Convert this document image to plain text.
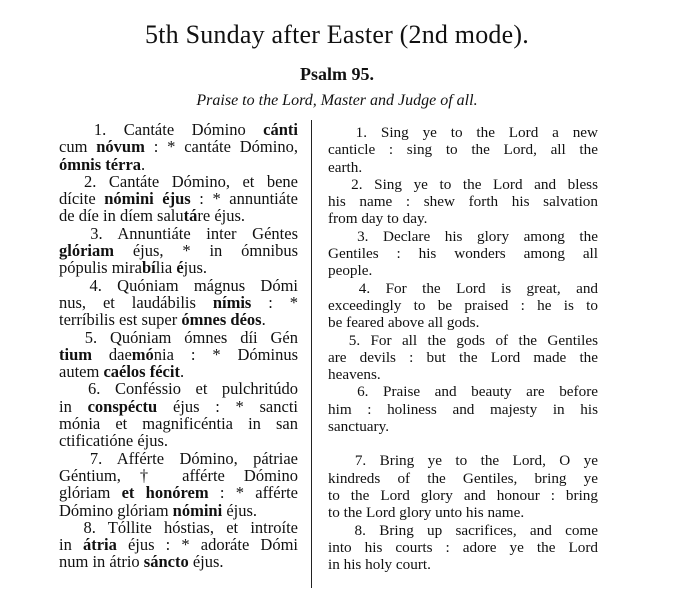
5th Sunday after Easter (2nd mode).
Psalm 95.
Praise to the Lord, Master and Judge of all.
1. Cantáte Dómino cánti
cum nóvum : * cantáte Dómino,
ómnis térra.
2. Cantáte Dómino, et bene
dícite nómini éjus : * annuntiáte
de díe in díem salutáre éjus.
3. Annuntiáte inter Géntes
glóriam éjus, * in ómnibus
pópulis mirabília éjus.
4. Quóniam mágnus Dómi
nus, et laudábilis nímis : *
terríbilis est super ómnes déos.
5. Quóniam ómnes díi Gén
tium daemónia : * Dóminus
autem caélos fécit.
6. Conféssio et pulchritúdo
in conspéctu éjus : * sancti
mónia et magnificéntia in san
ctificatióne éjus.
7. Afférte Dómino, pátriae
Géntium, † afférte Dómino
glóriam et honórem : * afférte
Dómino glóriam nómini éjus.
8. Tóllite hóstias, et introíte
in átria éjus : * adoráte Dómi
num in átrio sáncto éjus.
1. Sing ye to the Lord a new
canticle : sing to the Lord, all the
earth.
2. Sing ye to the Lord and bless
his name : shew forth his salvation
from day to day.
3. Declare his glory among the
Gentiles : his wonders among all
people.
4. For the Lord is great, and
exceedingly to be praised : he is to
be feared above all gods.
5. For all the gods of the Gentiles
are devils : but the Lord made the
heavens.
6. Praise and beauty are before
him : holiness and majesty in his
sanctuary.
7. Bring ye to the Lord, O ye
kindreds of the Gentiles, bring ye
to the Lord glory and honour : bring
to the Lord glory unto his name.
8. Bring up sacrifices, and come
into his courts : adore ye the Lord
in his holy court.
